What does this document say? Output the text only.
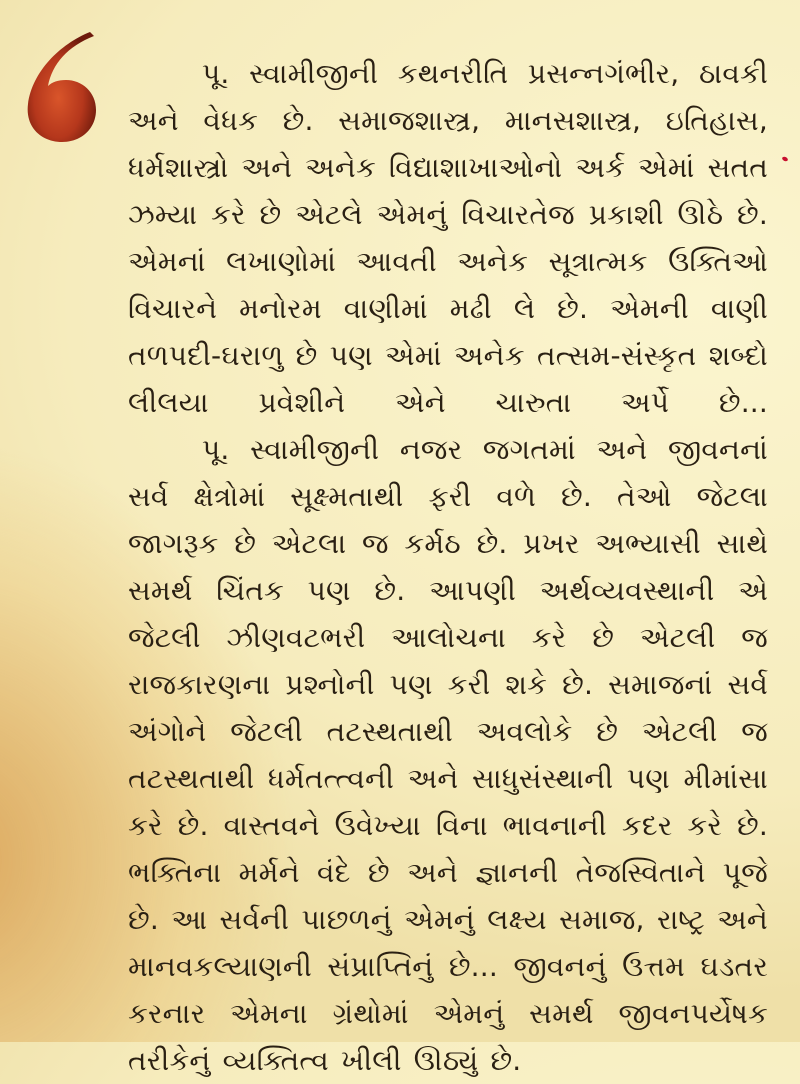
પૂ. સ્વામીજીની કથનરીતિ પ્રસન્નગંભીર, ઠાવકી અને વેધક છે. સમાજશાસ્ત્ર, માનસશાસ્ત્ર, ઇતિહાસ, ધર્મશાસ્ત્રો અને અનેક વિદ્યાશાખાઓનો અર્ક એમાં સતત ઝમ્યા કરે છે એટલે એમનું વિચારતેજ પ્રકાશી ઊઠે છે. એમનાં લખાણોમાં આવતી અનેક સૂત્રાત્મક ઉક્તિઓ વિચારને મનોરમ વાણીમાં મઢી લે છે. એમની વાણી તળપદી-ઘરાળુ છે પણ એમાં અનેક તત્સમ-સંસ્કૃત શબ્દો લીલયા પ્રવેશીને એને ચારુતા અર્પે છે...

પૂ. સ્વામીજીની નજર જગતમાં અને જીવનનાં સર્વ ક્ષેત્રોમાં સૂક્ષ્મતાથી ફરી વળે છે. તેઓ જેટલા જાગરૂક છે એટલા જ કર્મઠ છે. પ્રખર અભ્યાસી સાથે સમર્થ ચિંતક પણ છે. આપણી અર્થવ્યવસ્થાની એ જેટલી ઝીણવટભરી આલોચના કરે છે એટલી જ રાજકારણના પ્રશ્નોની પણ કરી શકે છે. સમાજનાં સર્વ અંગોને જેટલી તટસ્થતાથી અવલોકે છે એટલી જ તટસ્થતાથી ધર્મતત્ત્વની અને સાધુસંસ્થાની પણ મીમાંસા કરે છે. વાસ્તવને ઉવેખ્યા વિના ભાવનાની કદર કરે છે. ભક્તિના મર્મને વંદે છે અને જ્ઞાનની તેજસ્વિતાને પૂજે છે. આ સર્વની પાછળનું એમનું લક્ષ્ય સમાજ, રાષ્ટ્ર અને માનવકલ્યાણની સંપ્રાપ્તિનું છે... જીવનનું ઉત્તમ ઘડતર કરનાર એમના ગ્રંથોમાં એમનું સમર્થ જીવનપર્યેષક તરીકેનું વ્યક્તિત્વ ખીલી ઊઠ્યું છે.
